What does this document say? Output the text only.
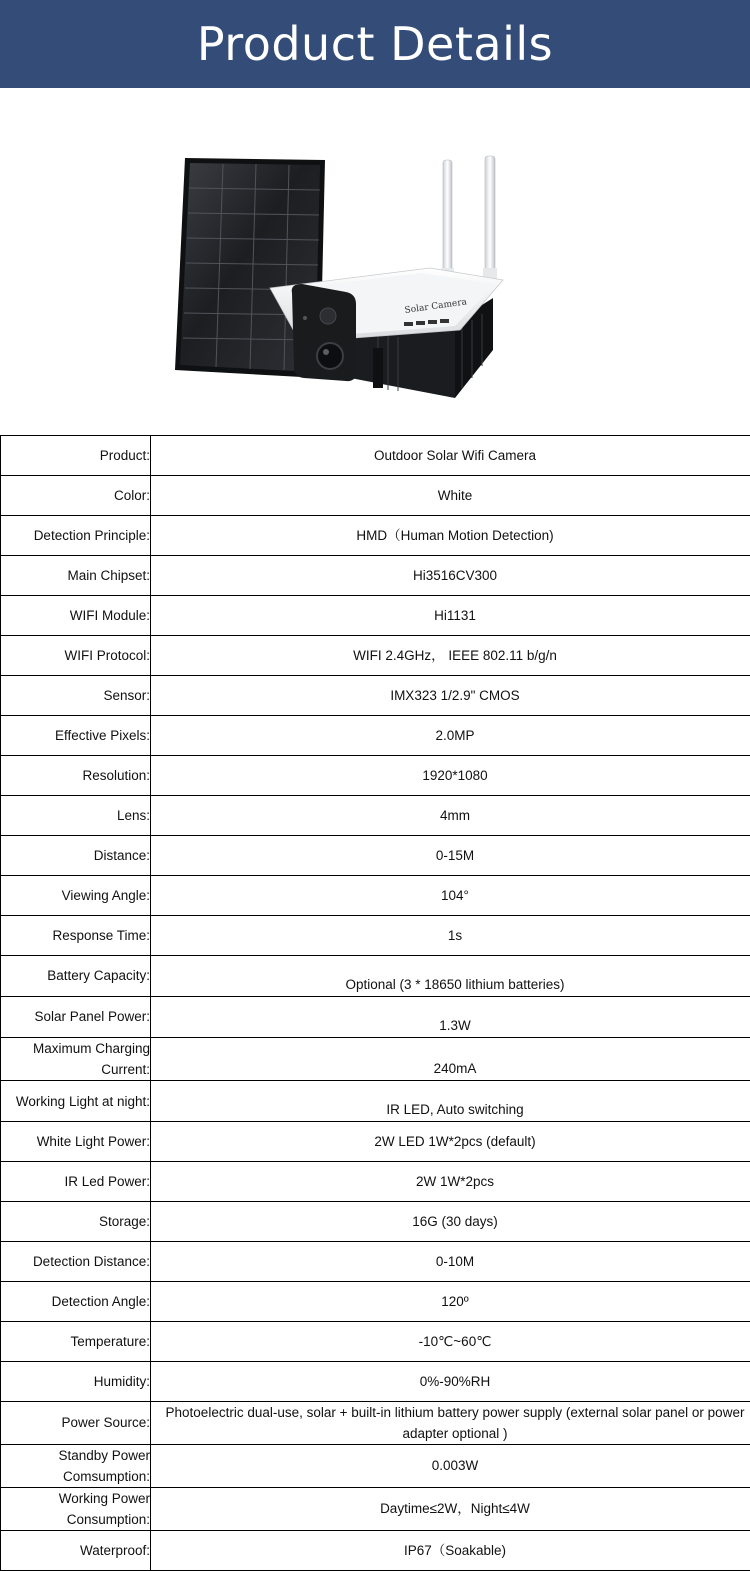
Product Details
Solar Camera
Product:	Outdoor Solar Wifi Camera
Color:	White
Detection Principle:	HMD（Human Motion Detection)
Main Chipset:	Hi3516CV300
WIFI Module:	Hi1131
WIFI Protocol:	WIFI 2.4GHz， IEEE 802.11 b/g/n
Sensor:	IMX323 1/2.9" CMOS
Effective Pixels:	2.0MP
Resolution:	1920*1080
Lens:	4mm
Distance:	0-15M
Viewing Angle:	104°
Response Time:	1s
Battery Capacity:	Optional (3 * 18650 lithium batteries)
Solar Panel Power:	1.3W
Maximum Charging Current:	240mA
Working Light at night:	IR LED, Auto switching
White Light Power:	2W LED 1W*2pcs (default)
IR Led Power:	2W 1W*2pcs
Storage:	16G (30 days)
Detection Distance:	0-10M
Detection Angle:	120º
Temperature:	-10℃~60℃
Humidity:	0%-90%RH
Power Source:	Photoelectric dual-use, solar + built-in lithium battery power supply (external solar panel or power adapter optional )
Standby Power Comsumption:	0.003W
Working Power Consumption:	Daytime≤2W，Night≤4W
Waterproof:	IP67（Soakable)
